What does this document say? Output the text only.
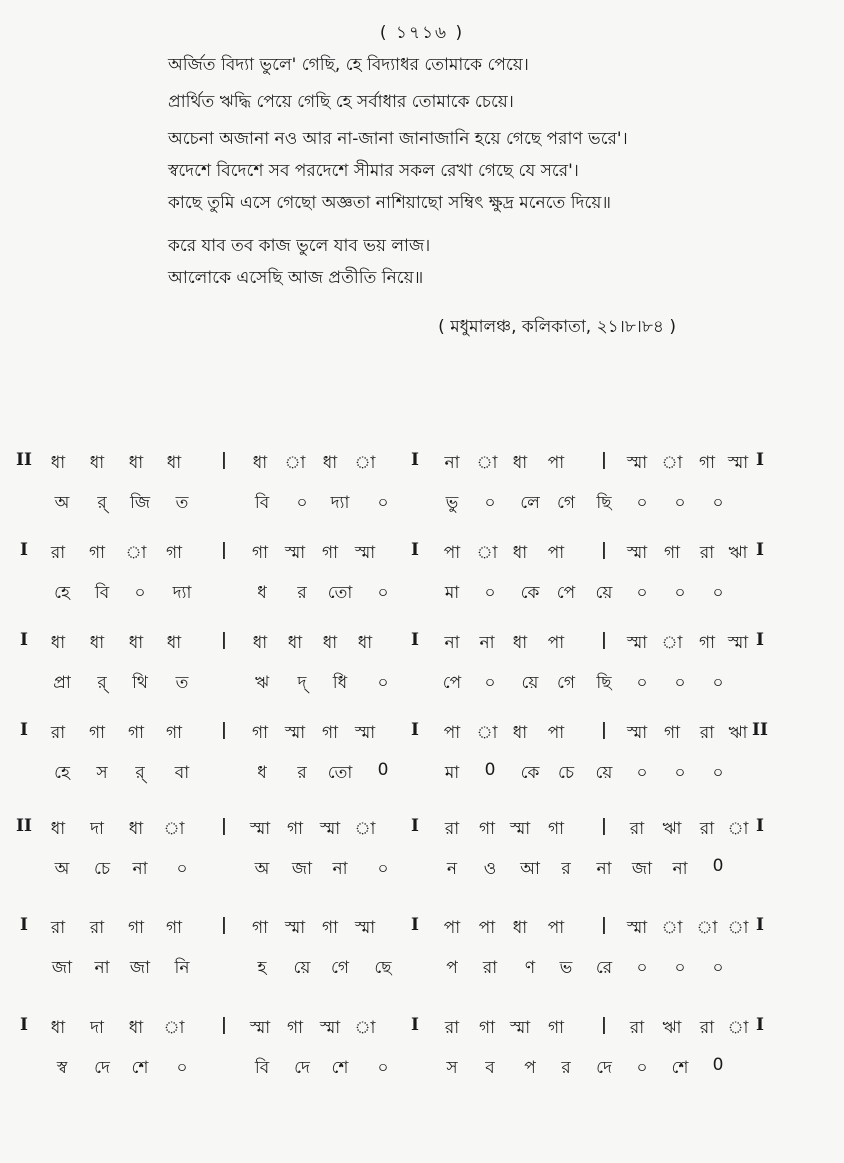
( ১৭১৬ )
অর্জিত বিদ্যা ভুলে' গেছি, হে বিদ্যাধর তোমাকে পেয়ে।
প্রার্থিত ঋদ্ধি পেয়ে গেছি হে সর্বাধার তোমাকে চেয়ে।
অচেনা অজানা নও আর না-জানা জানাজানি হয়ে গেছে পরাণ ভরে'।
স্বদেশে বিদেশে সব পরদেশে সীমার সকল রেখা গেছে যে সরে'।
কাছে তুমি এসে গেছো অজ্ঞতা নাশিয়াছো সম্বিৎ ক্ষুদ্র মনেতে দিয়ে॥
করে যাব তব কাজ ভুলে যাব ভয় লাজ।
আলোকে এসেছি আজ প্রতীতি নিয়ে॥
( মধুমালঞ্চ, কলিকাতা, ২১।৮।৮৪ )
II ধা ধা ধা ধা | ধা া ধা া I না া ধা পা | স্মা া গা স্মা I
অ র্ জি ত	বি ০ দ্যা ০	ভু ০ লে গে ছি ০ ০ ০
I রা গা া গা | গা স্মা গা স্মা I পা া ধা পা | স্মা গা রা ঋা I
হে বি ০ দ্যা	ধ র তো ০	মা ০ কে পে য়ে ০ ০ ০
I ধা ধা ধা ধা | ধা ধা ধা ধা I না না ধা পা | স্মা া গা স্মা I
প্রা র্ থি ত	ঋ দ্ ধি ০	পে ০ য়ে গে ছি ০ ০ ০
I রা গা গা গা | গা স্মা গা স্মা I পা া ধা পা | স্মা গা রা ঋা II
হে স র্ বা	ধ র তো 0	মা 0 কে চে য়ে ০ ০ ০
II ধা দা ধা া | স্মা গা স্মা া I রা গা স্মা গা | রা ঋা রা া I
অ চে না ০	অ জা না ০	ন ও আ র না জা না 0
I রা রা গা গা | গা স্মা গা স্মা I পা পা ধা পা | স্মা া া া I
জা না জা নি	হ য়ে গে ছে	প রা ণ ভ রে ০ ০ ০
I ধা দা ধা া | স্মা গা স্মা া I রা গা স্মা গা | রা ঋা রা া I
স্ব দে শে ০	বি দে শে ০	স ব প র দে ০ শে 0
